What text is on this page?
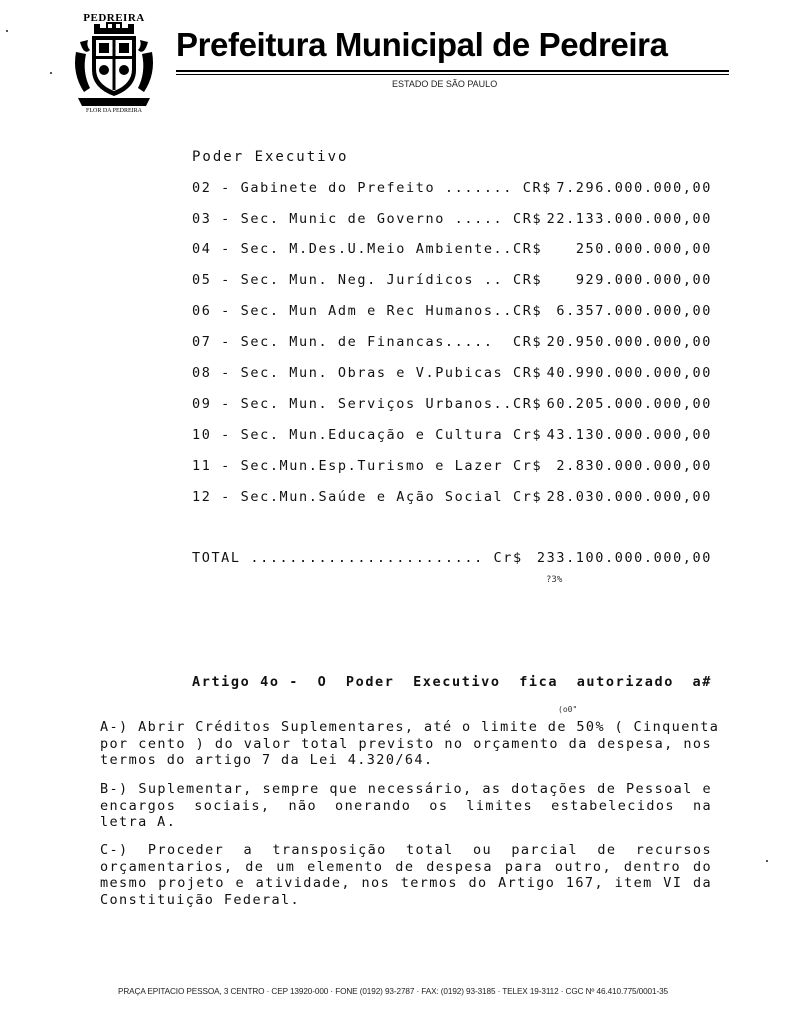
PEDREIRA
FLOR DA PEDREIRA
Prefeitura Municipal de Pedreira
ESTADO DE SÃO PAULO
Poder Executivo
02 - Gabinete do Prefeito ....... CR$ 7.296.000.000,00
03 - Sec. Munic de Governo ..... CR$ 22.133.000.000,00
04 - Sec. M.Des.U.Meio Ambiente..CR$ 250.000.000,00
05 - Sec. Mun. Neg. Jurídicos .. CR$ 929.000.000,00
06 - Sec. Mun Adm e Rec Humanos..CR$ 6.357.000.000,00
07 - Sec. Mun. de Financas.....  CR$ 20.950.000.000,00
08 - Sec. Mun. Obras e V.Pubicas CR$ 40.990.000.000,00
09 - Sec. Mun. Serviços Urbanos..CR$ 60.205.000.000,00
10 - Sec. Mun.Educação e Cultura Cr$ 43.130.000.000,00
11 - Sec.Mun.Esp.Turismo e Lazer Cr$ 2.830.000.000,00
12 - Sec.Mun.Saúde e Ação Social Cr$ 28.030.000.000,00
TOTAL ........................ Cr$ 233.100.000.000,00
?3%
Artigo 4o - O Poder Executivo fica autorizado a#
(o0"
A-) Abrir Créditos Suplementares, até o limite de 50% ( Cinquenta
por cento ) do valor total previsto no orçamento da despesa, nos
termos do artigo 7 da Lei 4.320/64.
B-) Suplementar, sempre que necessário, as dotações de Pessoal e
encargos sociais, não onerando os limites estabelecidos na
letra A.
C-) Proceder a transposição total ou parcial de recursos
orçamentarios, de um elemento de despesa para outro, dentro do
mesmo projeto e atividade, nos termos do Artigo 167, item VI da
Constituição Federal.
PRAÇA EPITACIO PESSOA, 3 CENTRO · CEP 13920-000 · FONE (0192) 93-2787 · FAX: (0192) 93-3185 · TELEX 19-3112 · CGC Nº 46.410.775/0001-35
